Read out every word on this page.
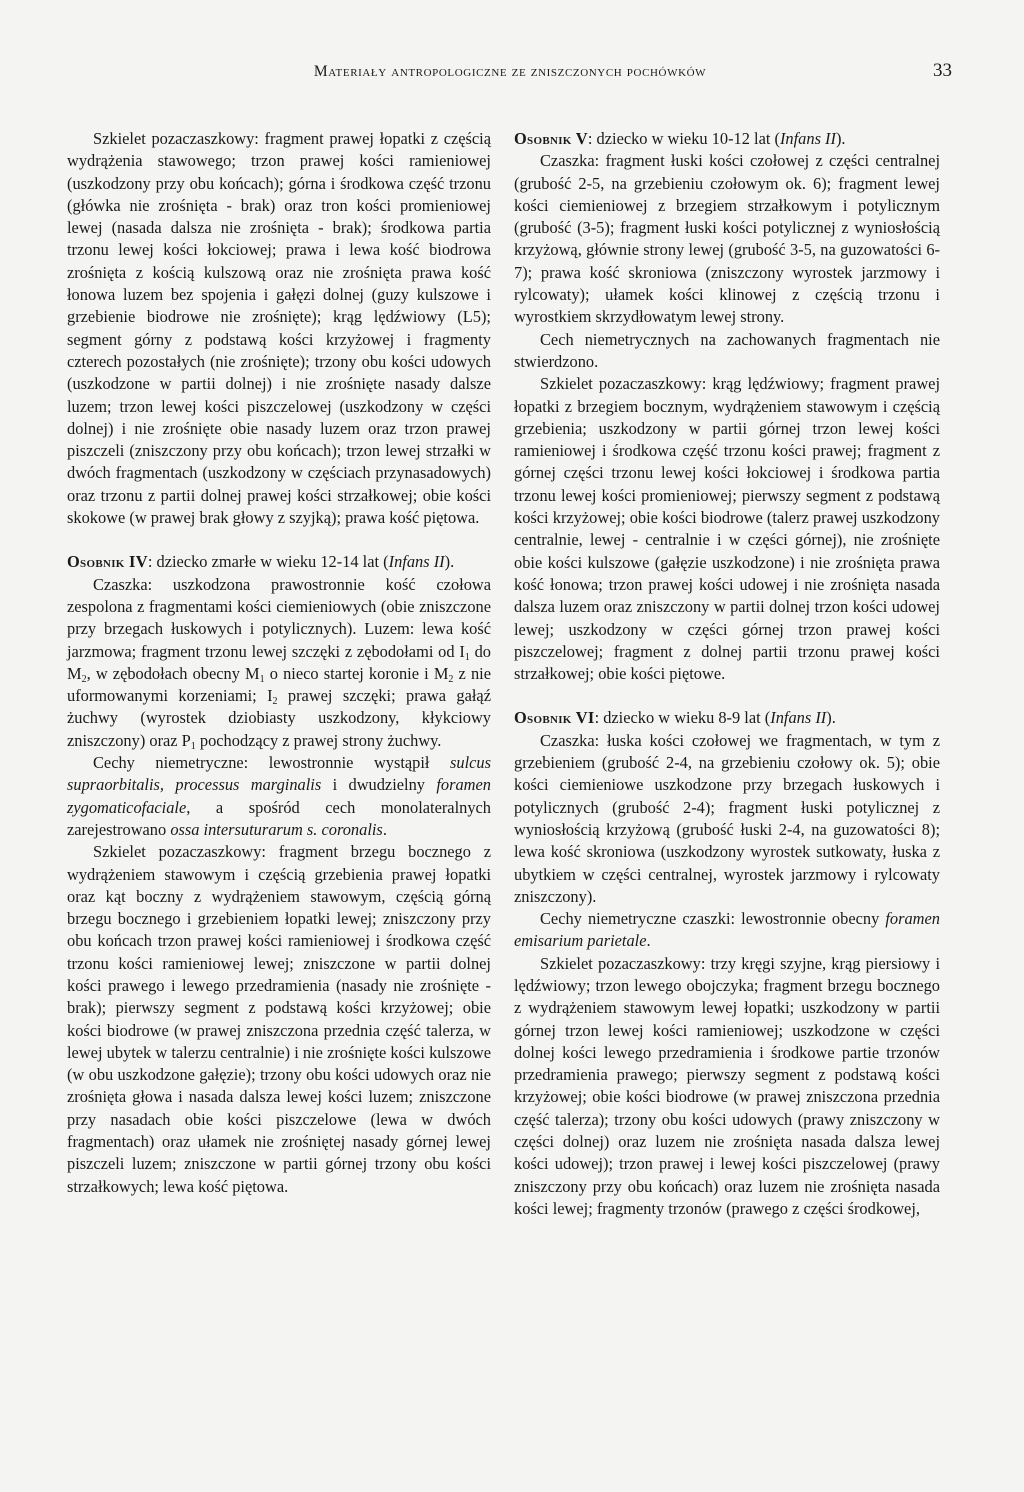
Materiały antropologiczne ze zniszczonych pochówków	33

Szkielet pozaczaszkowy: fragment prawej łopatki z częścią wydrążenia stawowego; trzon prawej kości ramieniowej (uszkodzony przy obu końcach); górna i środkowa część trzonu (główka nie zrośnięta - brak) oraz tron kości promieniowej lewej (nasada dalsza nie zrośnięta - brak); środkowa partia trzonu lewej kości łokciowej; prawa i lewa kość biodrowa zrośnięta z kością kulszową oraz nie zrośnięta prawa kość łonowa luzem bez spojenia i gałęzi dolnej (guzy kulszowe i grzebienie biodrowe nie zrośnięte); krąg lędźwiowy (L5); segment górny z podstawą kości krzyżowej i fragmenty czterech pozostałych (nie zrośnięte); trzony obu kości udowych (uszkodzone w partii dolnej) i nie zrośnięte nasady dalsze luzem; trzon lewej kości piszczelowej (uszkodzony w części dolnej) i nie zrośnięte obie nasady luzem oraz trzon prawej piszczeli (zniszczony przy obu końcach); trzon lewej strzałki w dwóch fragmentach (uszkodzony w częściach przynasadowych) oraz trzonu z partii dolnej prawej kości strzałkowej; obie kości skokowe (w prawej brak głowy z szyjką); prawa kość piętowa.

Osobnik IV: dziecko zmarłe w wieku 12-14 lat (Infans II).

Czaszka: uszkodzona prawostronnie kość czołowa zespolona z fragmentami kości ciemieniowych (obie zniszczone przy brzegach łuskowych i potylicznych). Luzem: lewa kość jarzmowa; fragment trzonu lewej szczęki z zębodołami od $I_1$ do $M_2$, w zębodołach obecny $M_1$ o nieco startej koronie i $M_2$ z nie uformowanymi korzeniami; $I_2$ prawej szczęki; prawa gałąź żuchwy (wyrostek dziobiasty uszkodzony, kłykciowy zniszczony) oraz $P_1$ pochodzący z prawej strony żuchwy.

Cechy niemetryczne: lewostronnie wystąpił sulcus supraorbitalis, processus marginalis i dwudzielny foramen zygomaticofaciale, a spośród cech monolateralnych zarejestrowano ossa intersuturarum s. coronalis.

Szkielet pozaczaszkowy: fragment brzegu bocznego z wydrążeniem stawowym i częścią grzebienia prawej łopatki oraz kąt boczny z wydrążeniem stawowym, częścią górną brzegu bocznego i grzebieniem łopatki lewej; zniszczony przy obu końcach trzon prawej kości ramieniowej i środkowa część trzonu kości ramieniowej lewej; zniszczone w partii dolnej kości prawego i lewego przedramienia (nasady nie zrośnięte - brak); pierwszy segment z podstawą kości krzyżowej; obie kości biodrowe (w prawej zniszczona przednia część talerza, w lewej ubytek w talerzu centralnie) i nie zrośnięte kości kulszowe (w obu uszkodzone gałęzie); trzony obu kości udowych oraz nie zrośnięta głowa i nasada dalsza lewej kości luzem; zniszczone przy nasadach obie kości piszczelowe (lewa w dwóch fragmentach) oraz ułamek nie zrośniętej nasady górnej lewej piszczeli luzem; zniszczone w partii górnej trzony obu kości strzałkowych; lewa kość piętowa.

Osobnik V: dziecko w wieku 10-12 lat (Infans II).

Czaszka: fragment łuski kości czołowej z części centralnej (grubość 2-5, na grzebieniu czołowym ok. 6); fragment lewej kości ciemieniowej z brzegiem strzałkowym i potylicznym (grubość (3-5); fragment łuski kości potylicznej z wyniosłością krzyżową, głównie strony lewej (grubość 3-5, na guzowatości 6-7); prawa kość skroniowa (zniszczony wyrostek jarzmowy i rylcowaty); ułamek kości klinowej z częścią trzonu i wyrostkiem skrzydłowatym lewej strony.

Cech niemetrycznych na zachowanych fragmentach nie stwierdzono.

Szkielet pozaczaszkowy: krąg lędźwiowy; fragment prawej łopatki z brzegiem bocznym, wydrążeniem stawowym i częścią grzebienia; uszkodzony w partii górnej trzon lewej kości ramieniowej i środkowa część trzonu kości prawej; fragment z górnej części trzonu lewej kości łokciowej i środkowa partia trzonu lewej kości promieniowej; pierwszy segment z podstawą kości krzyżowej; obie kości biodrowe (talerz prawej uszkodzony centralnie, lewej - centralnie i w części górnej), nie zrośnięte obie kości kulszowe (gałęzie uszkodzone) i nie zrośnięta prawa kość łonowa; trzon prawej kości udowej i nie zrośnięta nasada dalsza luzem oraz zniszczony w partii dolnej trzon kości udowej lewej; uszkodzony w części górnej trzon prawej kości piszczelowej; fragment z dolnej partii trzonu prawej kości strzałkowej; obie kości piętowe.

Osobnik VI: dziecko w wieku 8-9 lat (Infans II).

Czaszka: łuska kości czołowej we fragmentach, w tym z grzebieniem (grubość 2-4, na grzebieniu czołowy ok. 5); obie kości ciemieniowe uszkodzone przy brzegach łuskowych i potylicznych (grubość 2-4); fragment łuski potylicznej z wyniosłością krzyżową (grubość łuski 2-4, na guzowatości 8); lewa kość skroniowa (uszkodzony wyrostek sutkowaty, łuska z ubytkiem w części centralnej, wyrostek jarzmowy i rylcowaty zniszczony).

Cechy niemetryczne czaszki: lewostronnie obecny foramen emisarium parietale.

Szkielet pozaczaszkowy: trzy kręgi szyjne, krąg piersiowy i lędźwiowy; trzon lewego obojczyka; fragment brzegu bocznego z wydrążeniem stawowym lewej łopatki; uszkodzony w partii górnej trzon lewej kości ramieniowej; uszkodzone w części dolnej kości lewego przedramienia i środkowe partie trzonów przedramienia prawego; pierwszy segment z podstawą kości krzyżowej; obie kości biodrowe (w prawej zniszczona przednia część talerza); trzony obu kości udowych (prawy zniszczony w części dolnej) oraz luzem nie zrośnięta nasada dalsza lewej kości udowej); trzon prawej i lewej kości piszczelowej (prawy zniszczony przy obu końcach) oraz luzem nie zrośnięta nasada kości lewej; fragmenty trzonów (prawego z części środkowej,
